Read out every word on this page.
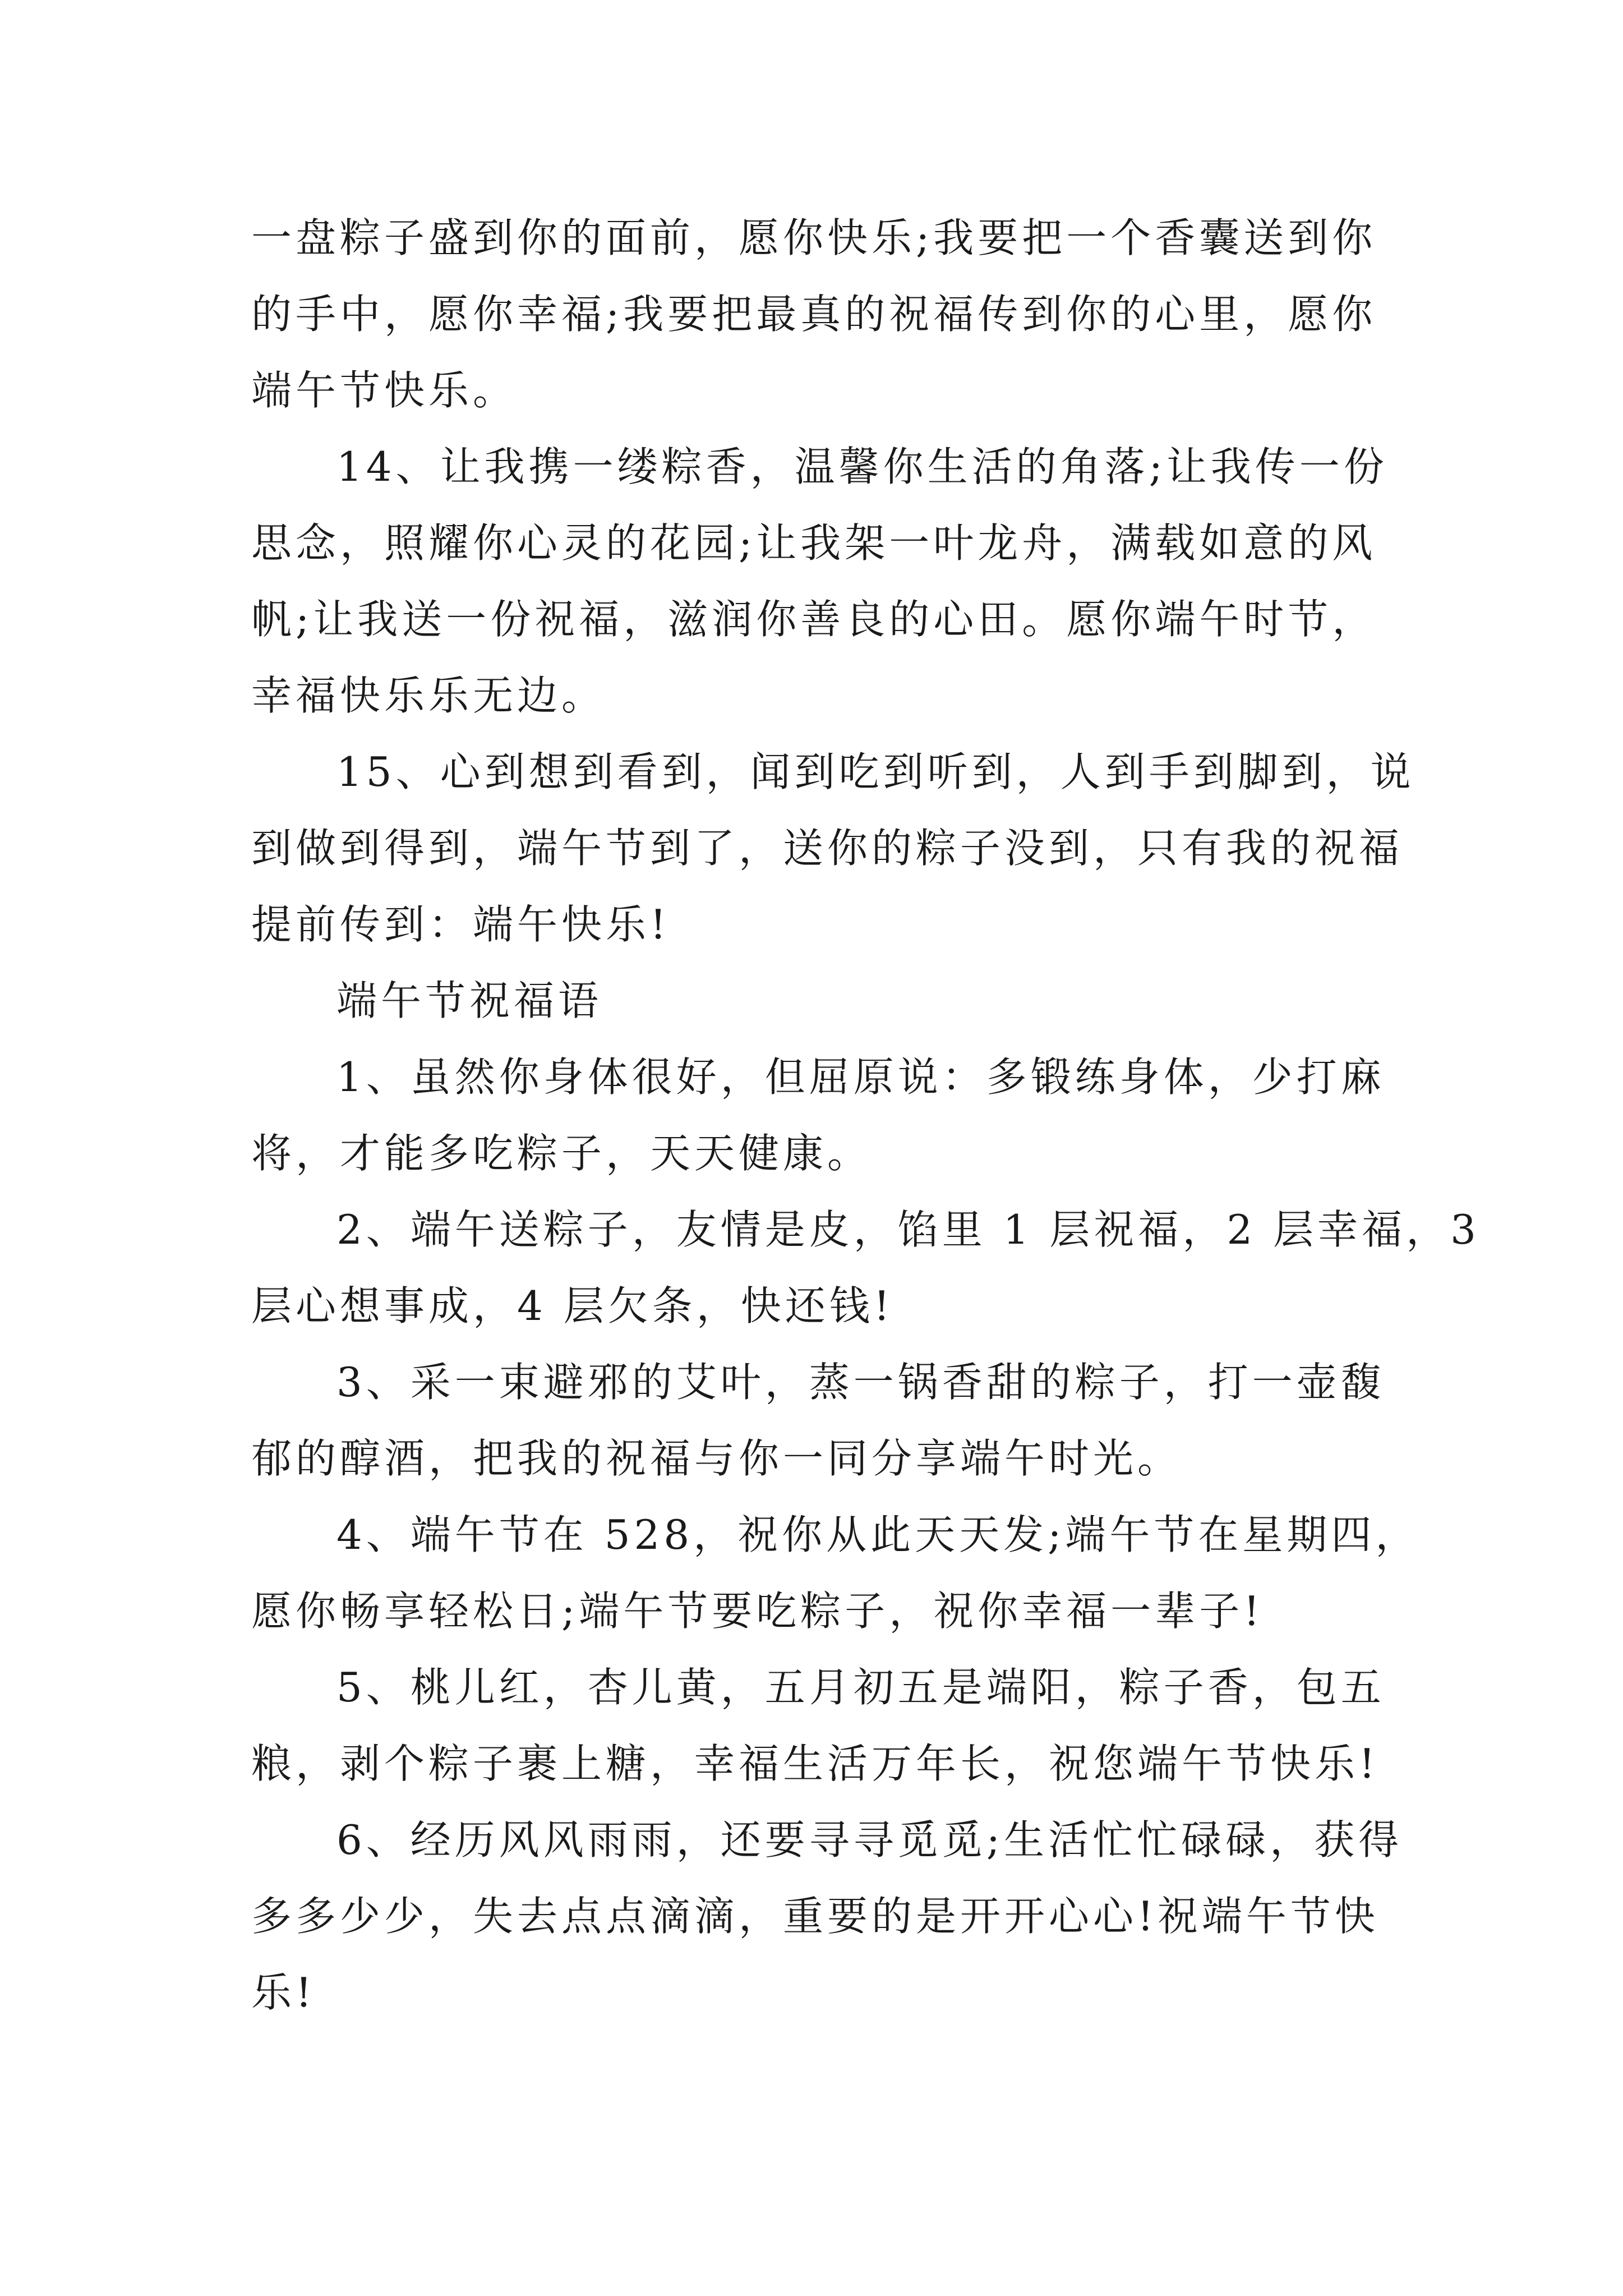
一盘粽子盛到你的面前，愿你快乐;我要把一个香囊送到你
的手中，愿你幸福;我要把最真的祝福传到你的心里，愿你
端午节快乐。
14、让我携一缕粽香，温馨你生活的角落;让我传一份
思念，照耀你心灵的花园;让我架一叶龙舟，满载如意的风
帆;让我送一份祝福，滋润你善良的心田。愿你端午时节，
幸福快乐乐无边。
15、心到想到看到，闻到吃到听到，人到手到脚到，说
到做到得到，端午节到了，送你的粽子没到，只有我的祝福
提前传到：端午快乐!
端午节祝福语
1、虽然你身体很好，但屈原说：多锻练身体，少打麻
将，才能多吃粽子，天天健康。
2、端午送粽子，友情是皮，馅里 1 层祝福，2 层幸福，3
层心想事成，4 层欠条，快还钱!
3、采一束避邪的艾叶，蒸一锅香甜的粽子，打一壶馥
郁的醇酒，把我的祝福与你一同分享端午时光。
4、端午节在 528，祝你从此天天发;端午节在星期四，
愿你畅享轻松日;端午节要吃粽子，祝你幸福一辈子!
5、桃儿红，杏儿黄，五月初五是端阳，粽子香，包五
粮，剥个粽子裹上糖，幸福生活万年长，祝您端午节快乐!
6、经历风风雨雨，还要寻寻觅觅;生活忙忙碌碌，获得
多多少少，失去点点滴滴，重要的是开开心心!祝端午节快
乐!
